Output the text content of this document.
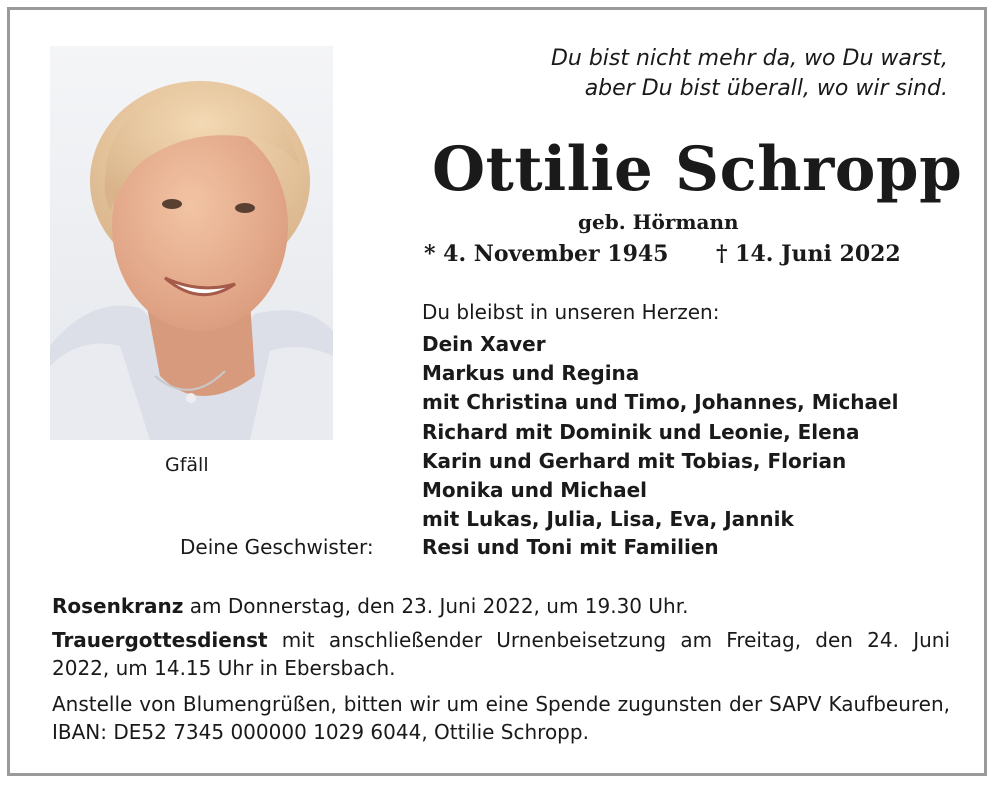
Gfäll
Du bist nicht mehr da, wo Du warst,
aber Du bist überall, wo wir sind.
Ottilie Schropp
geb. Hörmann
* 4. November 1945 † 14. Juni 2022
Du bleibst in unseren Herzen:
Dein Xaver
Markus und Regina
mit Christina und Timo, Johannes, Michael
Richard mit Dominik und Leonie, Elena
Karin und Gerhard mit Tobias, Florian
Monika und Michael
mit Lukas, Julia, Lisa, Eva, Jannik
Deine Geschwister: Resi und Toni mit Familien
Rosenkranz am Donnerstag, den 23. Juni 2022, um 19.30 Uhr.
Trauergottesdienst mit anschließender Urnenbeisetzung am Freitag, den 24. Juni 2022, um 14.15 Uhr in Ebersbach.
Anstelle von Blumengrüßen, bitten wir um eine Spende zugunsten der SAPV Kaufbeuren, IBAN: DE52 7345 000000 1029 6044, Ottilie Schropp.
